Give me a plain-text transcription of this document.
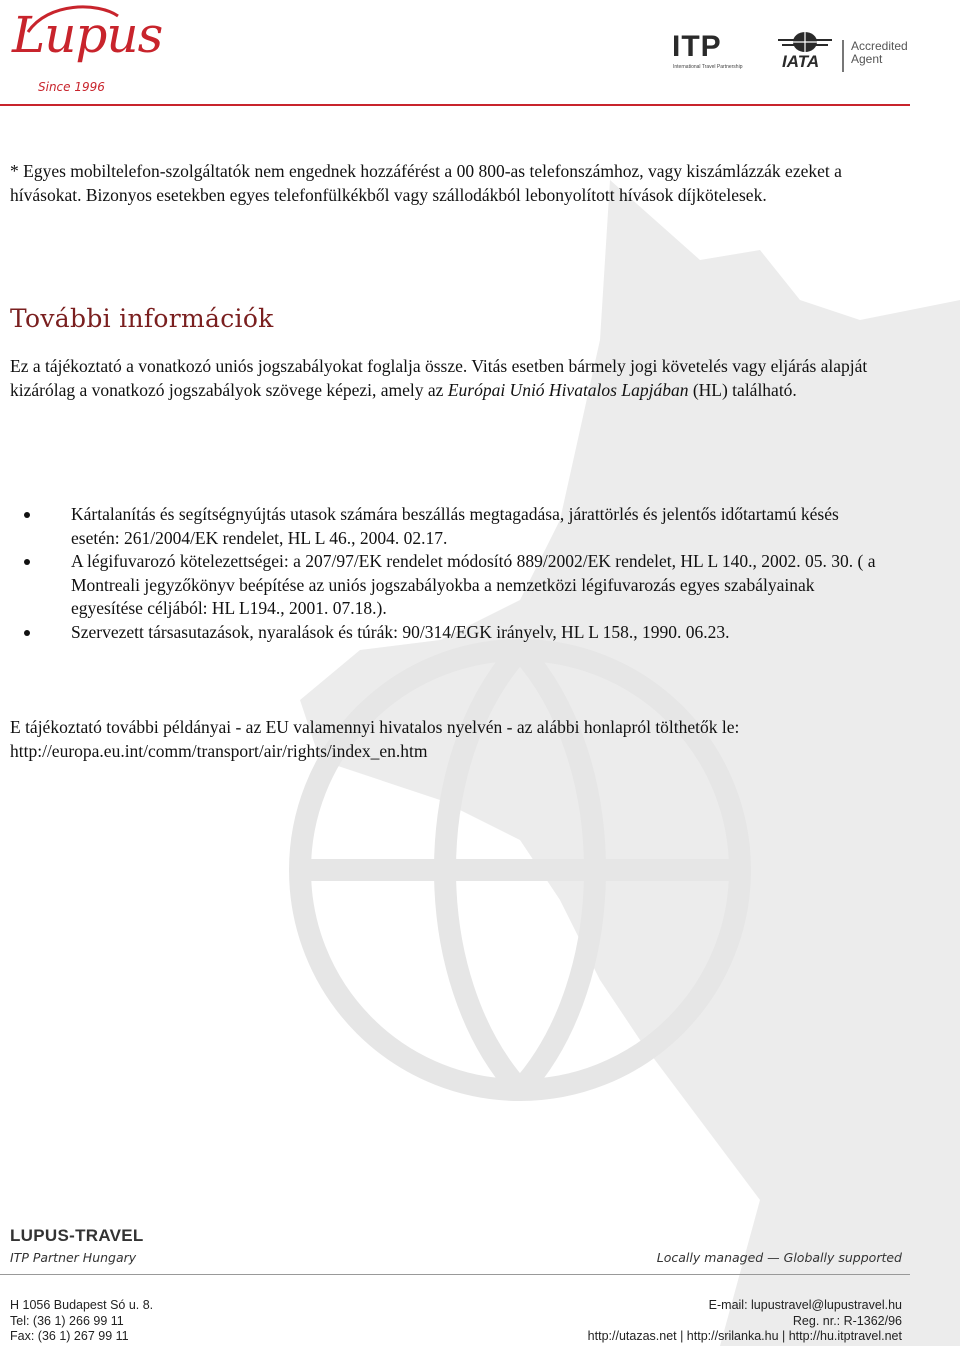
Lupus
Since 1996
ITP
International Travel Partnership IATA
Accredited
Agent
* Egyes mobiltelefon-szolgáltatók nem engednek hozzáférést a 00 800-as telefonszámhoz, vagy kiszámlázzák ezeket a hívásokat. Bizonyos esetekben egyes telefonfülkékből vagy szállodákból lebonyolított hívások díjkötelesek.
További információk

Ez a tájékoztató a vonatkozó uniós jogszabályokat foglalja össze. Vitás esetben bármely jogi követelés vagy eljárás alapját kizárólag a vonatkozó jogszabályok szövege képezi, amely az Európai Unió Hivatalos Lapjában (HL) található.

Kártalanítás és segítségnyújtás utasok számára beszállás megtagadása, járattörlés és jelentős időtartamú késés esetén: 261/2004/EK rendelet, HL L 46., 2004. 02.17.
A légifuvarozó kötelezettségei: a 207/97/EK rendelet módosító 889/2002/EK rendelet, HL L 140., 2002. 05. 30. ( a Montreali jegyzőkönyv beépítése az uniós jogszabályokba a nemzetközi légifuvarozás egyes szabályainak egyesítése céljából: HL L194., 2001. 07.18.).
Szervezett társasutazások, nyaralások és túrák: 90/314/EGK irányelv, HL L 158., 1990. 06.23.
E tájékoztató további példányai - az EU valamennyi hivatalos nyelvén - az alábbi honlapról tölthetők le:
http://europa.eu.int/comm/transport/air/rights/index_en.htm
LUPUS-TRAVEL
ITP Partner Hungary	Locally managed — Globally supported
H 1056 Budapest Só u. 8.
Tel: (36 1) 266 99 11
Fax: (36 1) 267 99 11
E-mail: lupustravel@lupustravel.hu
Reg. nr.: R-1362/96
http://utazas.net | http://srilanka.hu | http://hu.itptravel.net
